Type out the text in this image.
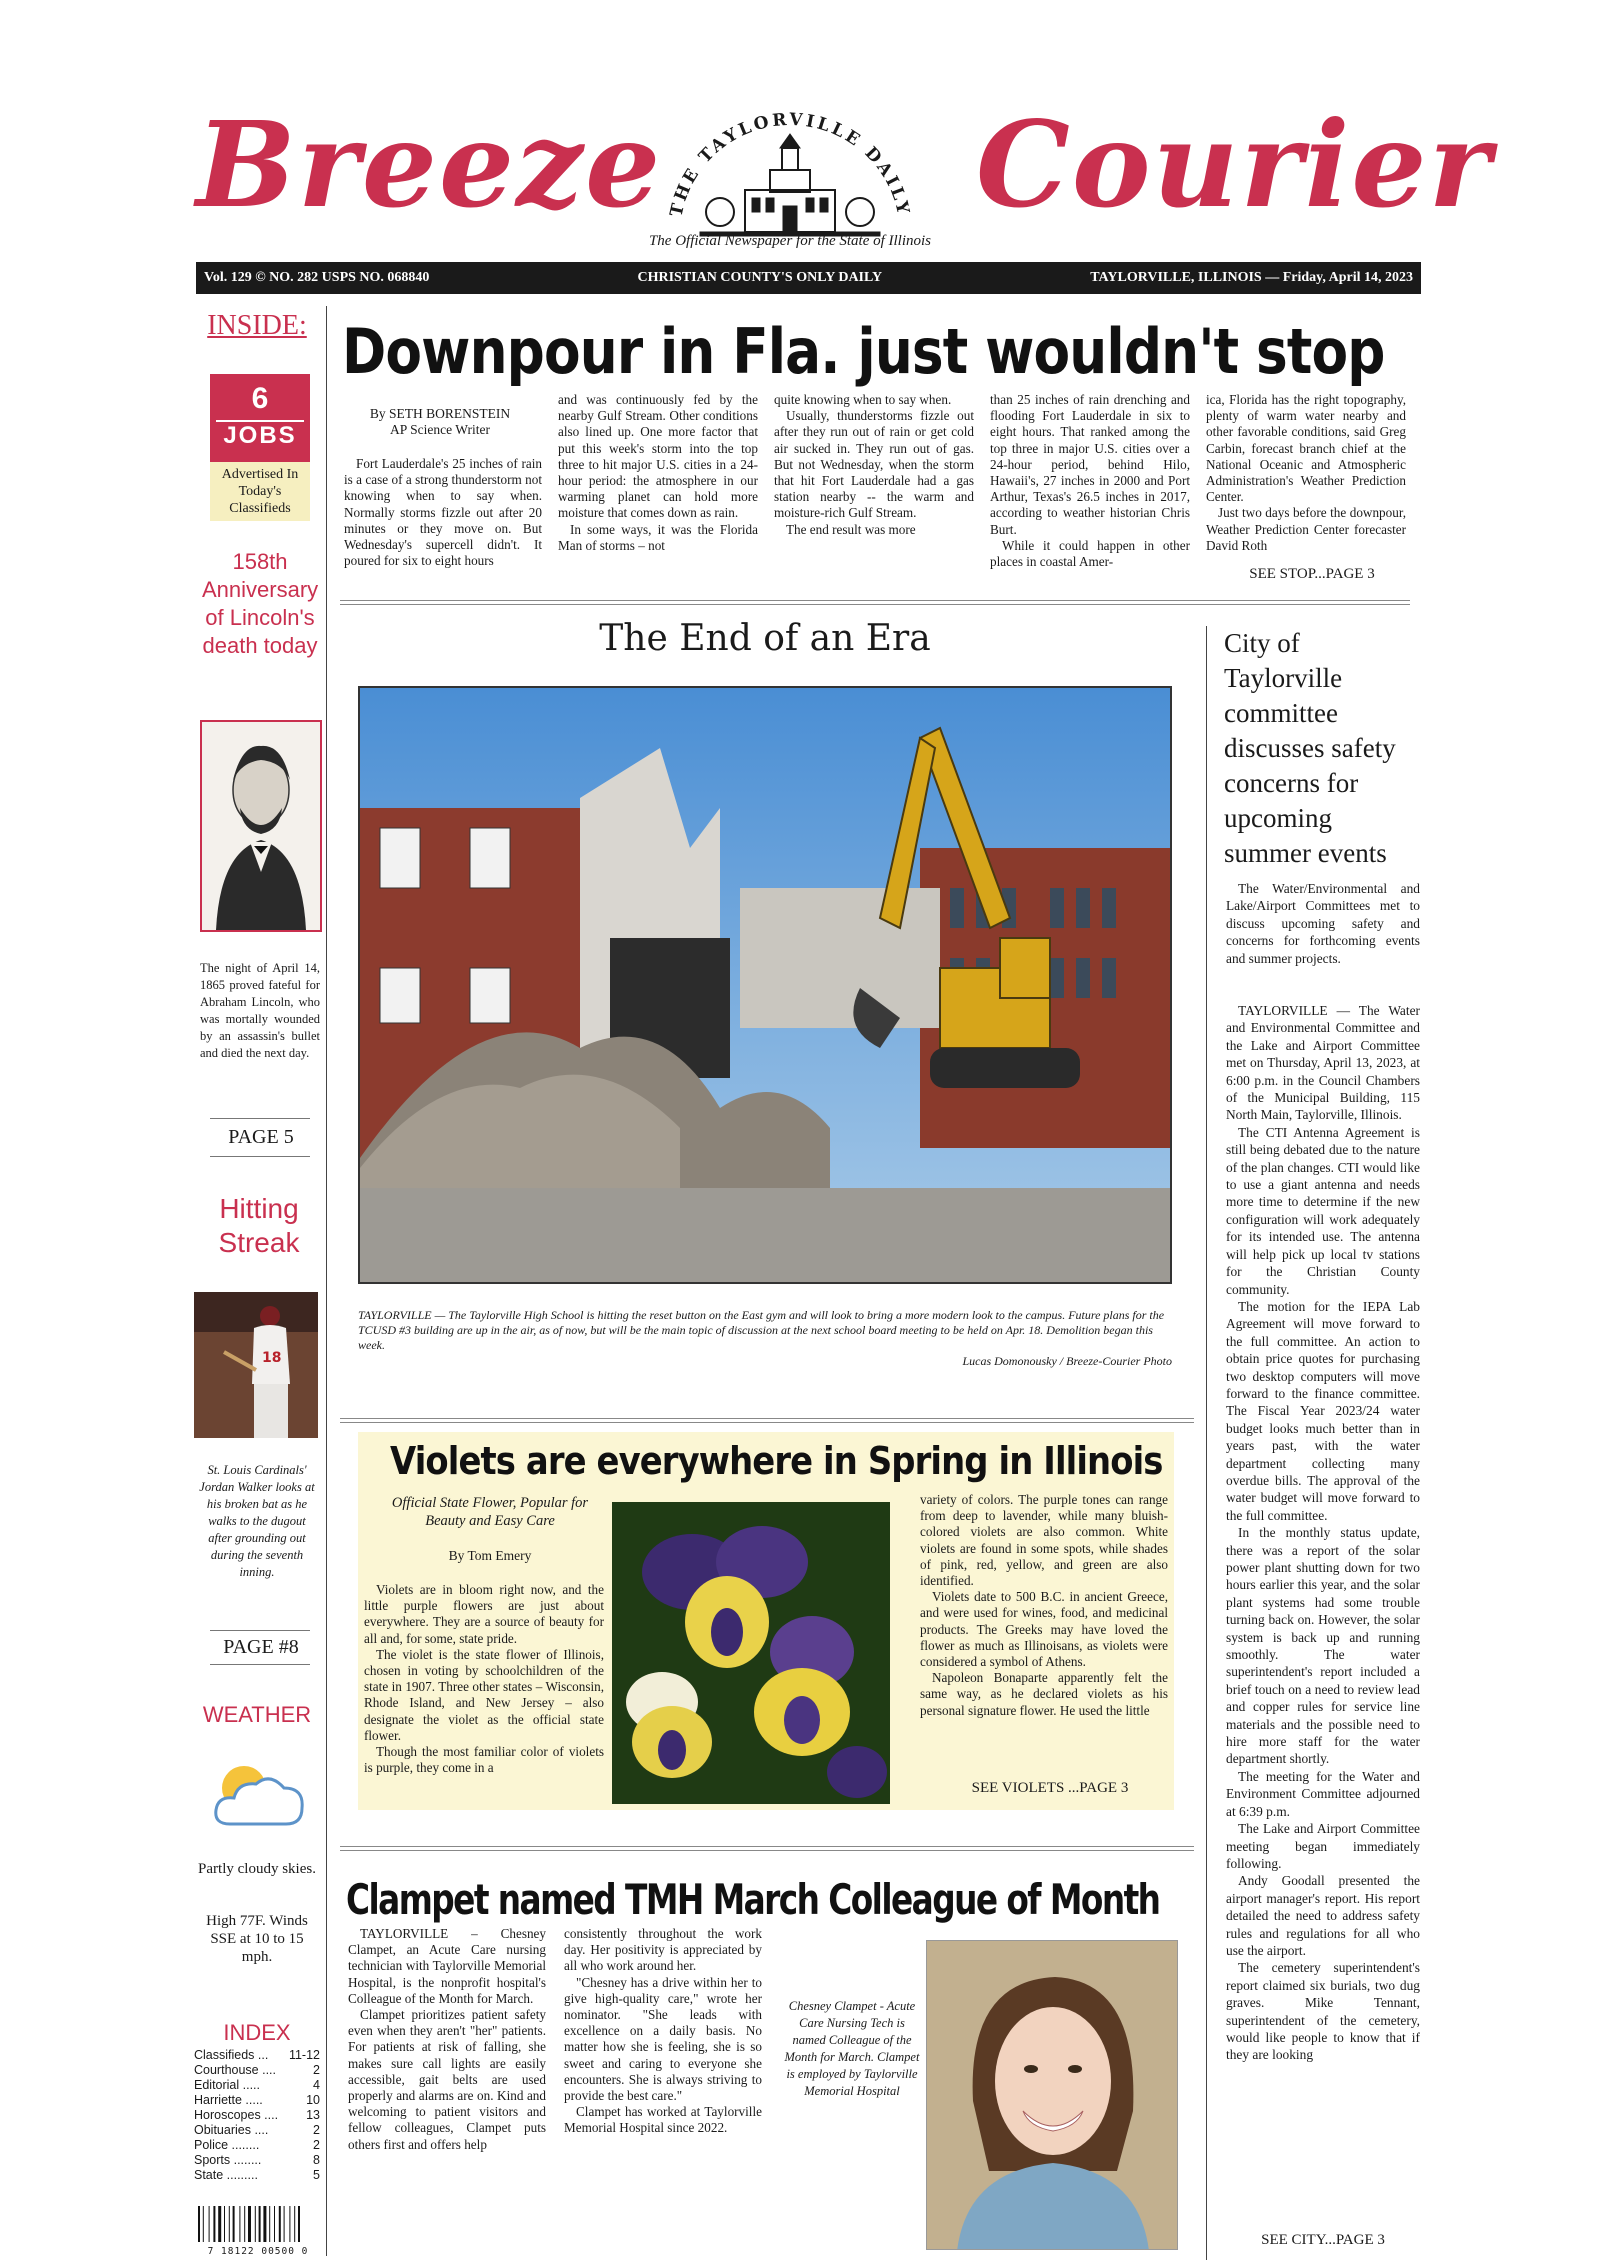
Breeze THE TAYLORVILLE DAILY
The Official Newspaper for the State of Illinois
Courier
Vol. 129 © NO. 282 USPS NO. 068840	CHRISTIAN COUNTY'S ONLY DAILY	TAYLORVILLE, ILLINOIS — Friday, April 14, 2023
INSIDE:
6
JOBS
Advertised In Today's Classifieds
158th Anniversary of Lincoln's death today
The night of April 14, 1865 proved fateful for Abraham Lincoln, who was mortally wounded by an assassin's bullet and died the next day.
PAGE 5
Hitting Streak
18
St. Louis Cardinals' Jordan Walker looks at his broken bat as he walks to the dugout after grounding out during the seventh inning.
PAGE #8
WEATHER
Partly cloudy skies.
High 77F. Winds SSE at 10 to 15 mph.
INDEX
Classifieds ... 11-12
Courthouse ....	2
Editorial .....	4
Harriette .....	10
Horoscopes .... 13
Obituaries ....	2
Police ........	2
Sports ........	8
State .........	5
7 18122 00500 0
Downpour in Fla. just wouldn't stop
By SETH BORENSTEIN
AP Science Writer

Fort Lauderdale's 25 inches of rain is a case of a strong thunderstorm not knowing when to say when. Normally storms fizzle out after 20 minutes or they move on. But Wednesday's supercell didn't. It poured for six to eight hours

and was continuously fed by the nearby Gulf Stream. Other conditions also lined up. One more factor that put this week's storm into the top three to hit major U.S. cities in a 24-hour period: the atmosphere in our warming planet can hold more moisture that comes down as rain.

In some ways, it was the Florida Man of storms – not

quite knowing when to say when.

Usually, thunderstorms fizzle out after they run out of rain or get cold air sucked in. They run out of gas. But not Wednesday, when the storm that hit Fort Lauderdale had a gas station nearby -- the warm and moisture-rich Gulf Stream.

The end result was more

than 25 inches of rain drenching and flooding Fort Lauderdale in six to eight hours. That ranked among the top three in major U.S. cities over a 24-hour period, behind Hilo, Hawaii's, 27 inches in 2000 and Port Arthur, Texas's 26.5 inches in 2017, according to weather historian Chris Burt.

While it could happen in other places in coastal Amer-

ica, Florida has the right topography, plenty of warm water nearby and other favorable conditions, said Greg Carbin, forecast branch chief at the National Oceanic and Atmospheric Administration's Weather Prediction Center.

Just two days before the downpour, Weather Prediction Center forecaster David Roth

SEE STOP...PAGE 3
The End of an Era
TAYLORVILLE — The Taylorville High School is hitting the reset button on the East gym and will look to bring a more modern look to the campus. Future plans for the TCUSD #3 building are up in the air, as of now, but will be the main topic of discussion at the next school board meeting to be held on Apr. 18. Demolition began this week.
Lucas Domonousky / Breeze-Courier Photo
Violets are everywhere in Spring in Illinois
Official State Flower, Popular for Beauty and Easy Care
By Tom Emery

Violets are in bloom right now, and the little purple flowers are just about everywhere. They are a source of beauty for all and, for some, state pride.

The violet is the state flower of Illinois, chosen in voting by schoolchildren of the state in 1907. Three other states – Wisconsin, Rhode Island, and New Jersey – also designate the violet as the official state flower.

Though the most familiar color of violets is purple, they come in a

variety of colors. The purple tones can range from deep to lavender, while many bluish-colored violets are also common. White violets are found in some spots, while shades of pink, red, yellow, and green are also identified.

Violets date to 500 B.C. in ancient Greece, and were used for wines, food, and medicinal products. The Greeks may have loved the flower as much as Illinoisans, as violets were considered a symbol of Athens.

Napoleon Bonaparte apparently felt the same way, as he declared violets as his personal signature flower. He used the little

SEE VIOLETS ...PAGE 3
Clampet named TMH March Colleague of Month

TAYLORVILLE – Chesney Clampet, an Acute Care nursing technician with Taylorville Memorial Hospital, is the nonprofit hospital's Colleague of the Month for March.

Clampet prioritizes patient safety even when they aren't "her" patients. For patients at risk of falling, she makes sure call lights are easily accessible, gait belts are used properly and alarms are on. Kind and welcoming to patient visitors and fellow colleagues, Clampet puts others first and offers help

consistently throughout the work day. Her positivity is appreciated by all who work around her.

"Chesney has a drive within her to give high-quality care," wrote her nominator. "She leads with excellence on a daily basis. No matter how she is feeling, she is so sweet and caring to everyone she encounters. She is always striving to provide the best care."

Clampet has worked at Taylorville Memorial Hospital since 2022.

Chesney Clampet - Acute Care Nursing Tech is named Colleague of the Month for March. Clampet is employed by Taylorville Memorial Hospital
City of Taylorville committee discusses safety concerns for upcoming summer events
The Water/Environmental and Lake/Airport Committees met to discuss upcoming safety and concerns for forthcoming events and summer projects.

TAYLORVILLE — The Water and Environmental Committee and the Lake and Airport Committee met on Thursday, April 13, 2023, at 6:00 p.m. in the Council Chambers of the Municipal Building, 115 North Main, Taylorville, Illinois.

The CTI Antenna Agreement is still being debated due to the nature of the plan changes. CTI would like to use a giant antenna and needs more time to determine if the new configuration will work adequately for its intended use. The antenna will help pick up local tv stations for the Christian County community.

The motion for the IEPA Lab Agreement will move forward to the full committee. An action to obtain price quotes for purchasing two desktop computers will move forward to the finance committee. The Fiscal Year 2023/24 water budget looks much better than in years past, with the water department collecting many overdue bills. The approval of the water budget will move forward to the full committee.

In the monthly status update, there was a report of the solar power plant shutting down for two hours earlier this year, and the solar plant systems had some trouble turning back on. However, the solar system is back up and running smoothly. The water superintendent's report included a brief touch on a need to review lead and copper rules for service line materials and the possible need to hire more staff for the water department shortly.

The meeting for the Water and Environment Committee adjourned at 6:39 p.m.

The Lake and Airport Committee meeting began immediately following.

Andy Goodall presented the airport manager's report. His report detailed the need to address safety rules and regulations for all who use the airport.

The cemetery superintendent's report claimed six burials, two dug graves. Mike Tennant, superintendent of the cemetery, would like people to know that if they are looking

SEE CITY...PAGE 3
